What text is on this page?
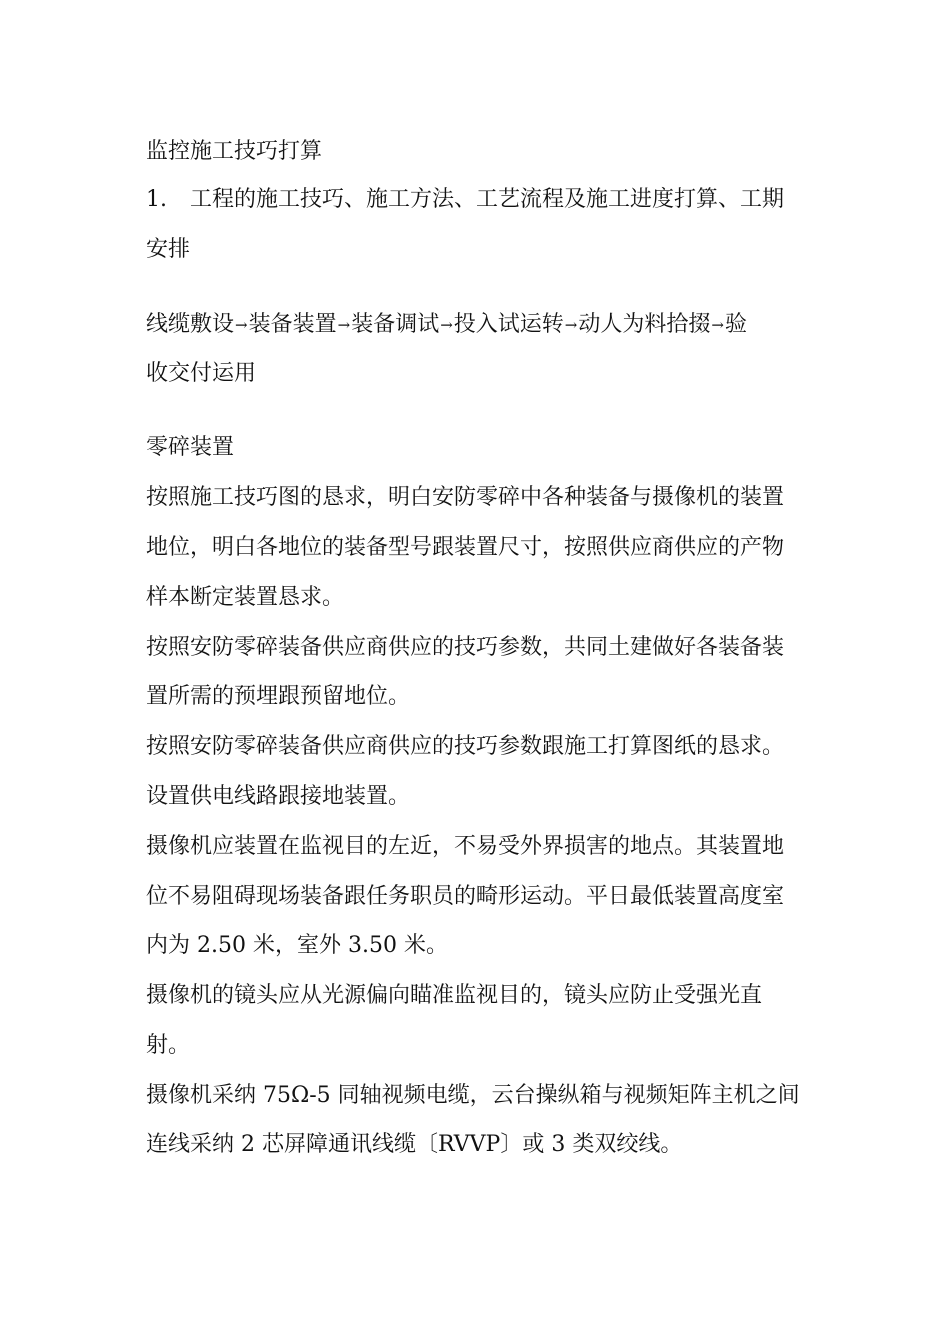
监控施工技巧打算
1. 工程的施工技巧、施工方法、工艺流程及施工进度打算、工期
安排
线缆敷设→装备装置→装备调试→投入试运转→动人为料拾掇→验
收交付运用
零碎装置
按照施工技巧图的恳求，明白安防零碎中各种装备与摄像机的装置
地位，明白各地位的装备型号跟装置尺寸，按照供应商供应的产物
样本断定装置恳求。
按照安防零碎装备供应商供应的技巧参数，共同土建做好各装备装
置所需的预埋跟预留地位。
按照安防零碎装备供应商供应的技巧参数跟施工打算图纸的恳求。
设置供电线路跟接地装置。
摄像机应装置在监视目的左近，不易受外界损害的地点。其装置地
位不易阻碍现场装备跟任务职员的畸形运动。平日最低装置高度室
内为 2.50 米，室外 3.50 米。
摄像机的镜头应从光源偏向瞄准监视目的，镜头应防止受强光直
射。
摄像机采纳 75Ω-5 同轴视频电缆，云台操纵箱与视频矩阵主机之间
连线采纳 2 芯屏障通讯线缆〔RVVP〕或 3 类双绞线。
